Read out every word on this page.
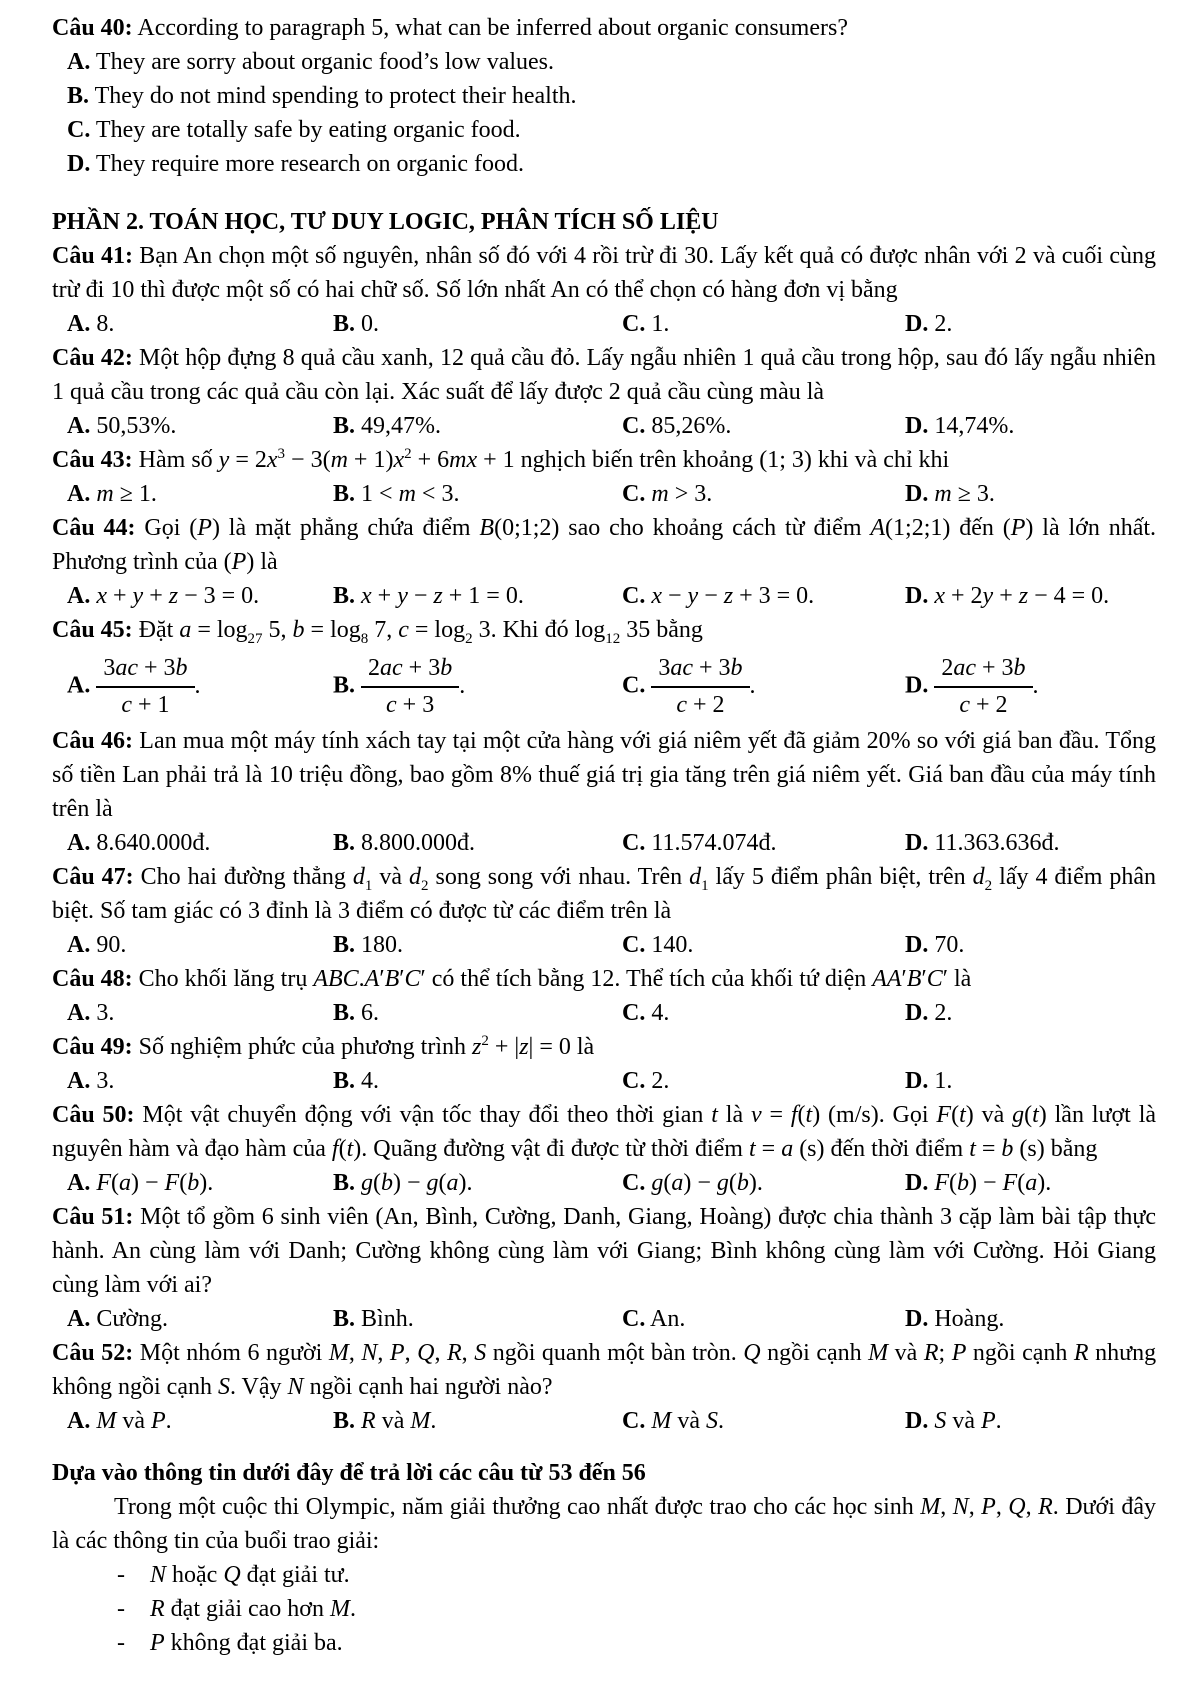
Câu 40: According to paragraph 5, what can be inferred about organic consumers?
A. They are sorry about organic food’s low values.
B. They do not mind spending to protect their health.
C. They are totally safe by eating organic food.
D. They require more research on organic food.
PHẦN 2. TOÁN HỌC, TƯ DUY LOGIC, PHÂN TÍCH SỐ LIỆU
Câu 41: Bạn An chọn một số nguyên, nhân số đó với 4 rồi trừ đi 30. Lấy kết quả có được nhân với 2 và cuối cùng trừ đi 10 thì được một số có hai chữ số. Số lớn nhất An có thể chọn có hàng đơn vị bằng
A. 8.	B. 0.	C. 1.	D. 2.
Câu 42: Một hộp đựng 8 quả cầu xanh, 12 quả cầu đỏ. Lấy ngẫu nhiên 1 quả cầu trong hộp, sau đó lấy ngẫu nhiên 1 quả cầu trong các quả cầu còn lại. Xác suất để lấy được 2 quả cầu cùng màu là
A. 50,53%.	B. 49,47%.	C. 85,26%.	D. 14,74%.
Câu 43: Hàm số $y = 2x^3 - 3(m + 1)x^2 + 6mx + 1$ nghịch biến trên khoảng (1; 3) khi và chỉ khi
A. m ≥ 1.	B. 1 < m < 3.	C. m > 3.	D. m ≥ 3.
Câu 44: Gọi (P) là mặt phẳng chứa điểm B(0;1;2) sao cho khoảng cách từ điểm A(1;2;1) đến (P) là lớn nhất. Phương trình của (P) là
A. x + y + z − 3 = 0.	B. x + y − z + 1 = 0.	C. x − y − z + 3 = 0.	D. x + 2y + z − 4 = 0.
Câu 45: Đặt $a = \log_{27} 5$, $b = \log_8 7$, $c = \log_2 3$. Khi đó $\log_{12} 35$ bằng
A. $\frac{3ac + 3b}{c + 1}$ .	B. $\frac{2ac + 3b}{c + 3}$ .	C. $\frac{3ac + 3b}{c + 2}$ .	D. $\frac{2ac + 3b}{c + 2}$ .
Câu 46: Lan mua một máy tính xách tay tại một cửa hàng với giá niêm yết đã giảm 20% so với giá ban đầu. Tổng số tiền Lan phải trả là 10 triệu đồng, bao gồm 8% thuế giá trị gia tăng trên giá niêm yết. Giá ban đầu của máy tính trên là
A. 8.640.000đ.	B. 8.800.000đ.	C. 11.574.074đ.	D. 11.363.636đ.
Câu 47: Cho hai đường thẳng $d_1$ và $d_2$ song song với nhau. Trên $d_1$ lấy 5 điểm phân biệt, trên $d_2$ lấy 4 điểm phân biệt. Số tam giác có 3 đỉnh là 3 điểm có được từ các điểm trên là
A. 90.	B. 180.	C. 140.	D. 70.
Câu 48: Cho khối lăng trụ ABC.A′B′C′ có thể tích bằng 12. Thể tích của khối tứ diện AA′B′C′ là
A. 3.	B. 6.	C. 4.	D. 2.
Câu 49: Số nghiệm phức của phương trình $z^2 + |z| = 0$ là
A. 3.	B. 4.	C. 2.	D. 1.
Câu 50: Một vật chuyển động với vận tốc thay đổi theo thời gian t là v = f(t) (m/s). Gọi F(t) và g(t) lần lượt là nguyên hàm và đạo hàm của f(t). Quãng đường vật đi được từ thời điểm t = a (s) đến thời điểm t = b (s) bằng
A. F(a) − F(b).	B. g(b) − g(a).	C. g(a) − g(b).	D. F(b) − F(a).
Câu 51: Một tổ gồm 6 sinh viên (An, Bình, Cường, Danh, Giang, Hoàng) được chia thành 3 cặp làm bài tập thực hành. An cùng làm với Danh; Cường không cùng làm với Giang; Bình không cùng làm với Cường. Hỏi Giang cùng làm với ai?
A. Cường.	B. Bình.	C. An.	D. Hoàng.
Câu 52: Một nhóm 6 người M, N, P, Q, R, S ngồi quanh một bàn tròn. Q ngồi cạnh M và R; P ngồi cạnh R nhưng không ngồi cạnh S. Vậy N ngồi cạnh hai người nào?
A. M và P.	B. R và M.	C. M và S.	D. S và P.
Dựa vào thông tin dưới đây để trả lời các câu từ 53 đến 56
Trong một cuộc thi Olympic, năm giải thưởng cao nhất được trao cho các học sinh M, N, P, Q, R. Dưới đây là các thông tin của buổi trao giải:
-	N hoặc Q đạt giải tư.
-	R đạt giải cao hơn M.
-	P không đạt giải ba.
